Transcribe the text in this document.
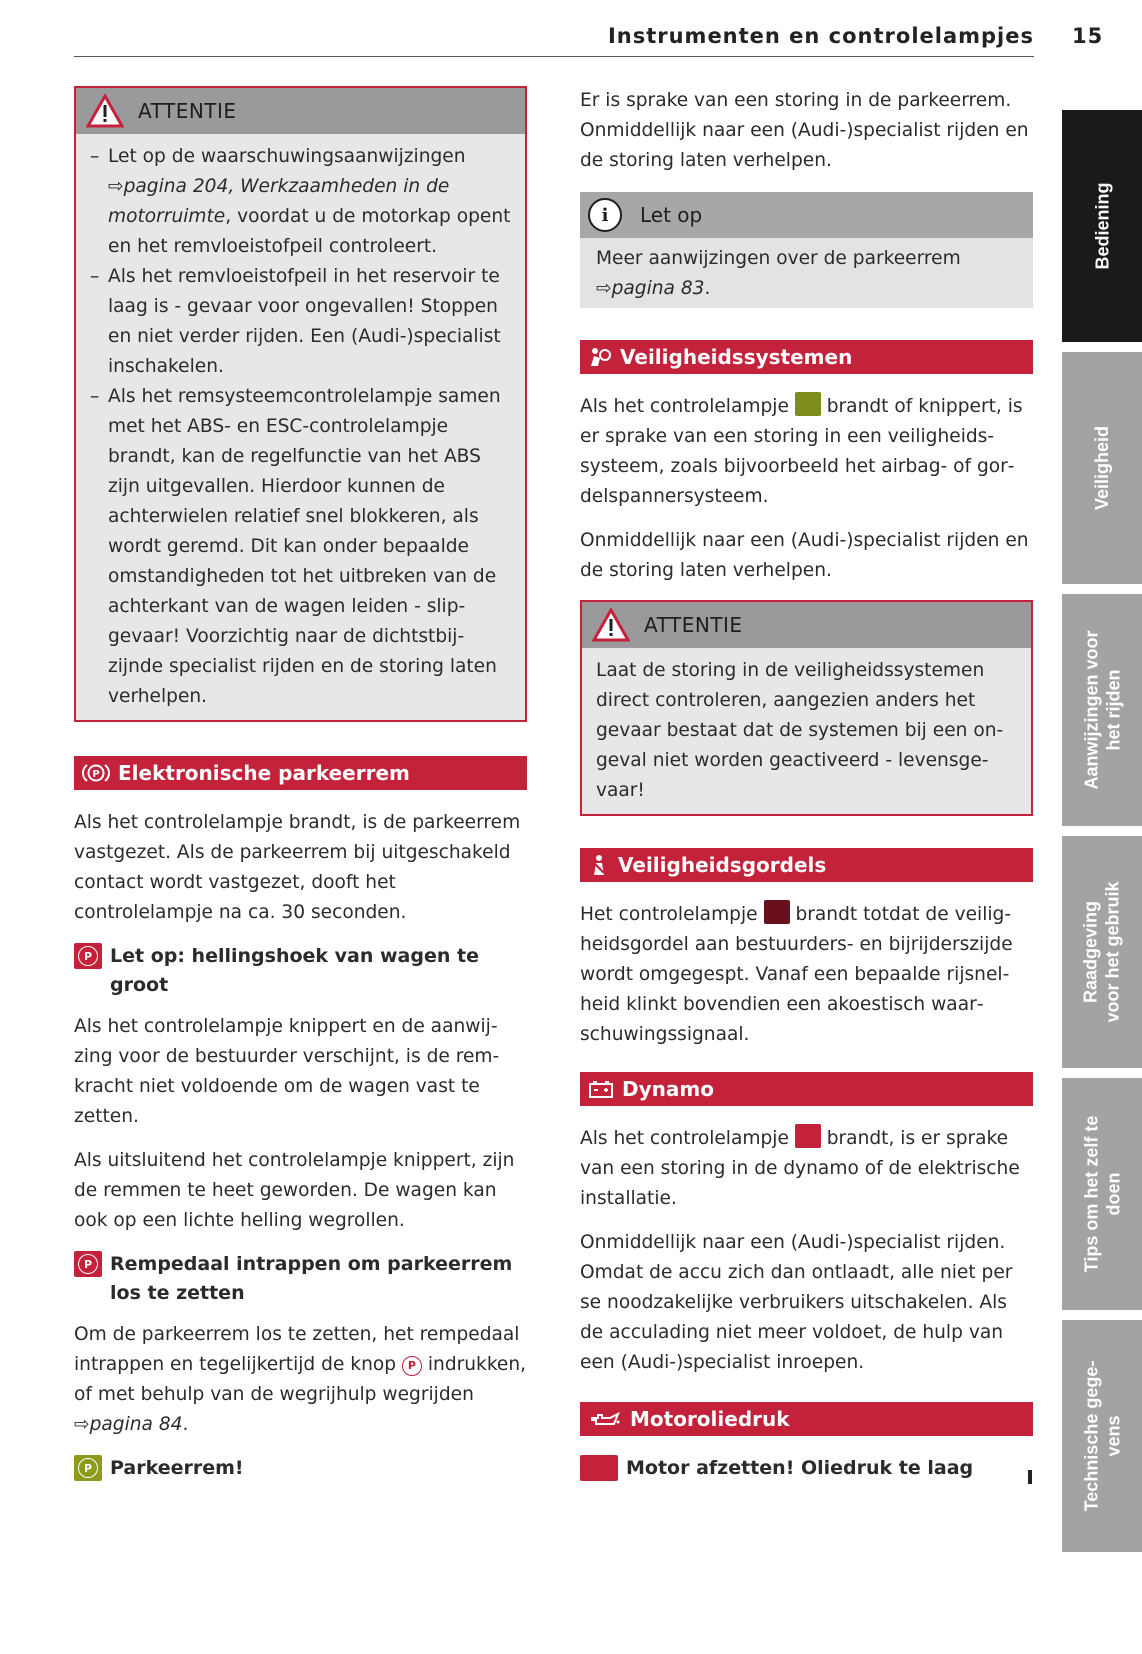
Instrumenten en controlelampjes 15
ATTENTIE
– Let op de waarschuwingsaanwijzingen ⇨pagina 204, Werkzaamheden in de motorruimte, voordat u de motorkap opent en het remvloeistofpeil controleert.
– Als het remvloeistofpeil in het reservoir te laag is - gevaar voor ongevallen! Stoppen en niet verder rijden. Een (Audi-)specialist inschakelen.
– Als het remsysteemcontrolelampje samen met het ABS- en ESC-controlelampje brandt, kan de regelfunctie van het ABS zijn uitgevallen. Hierdoor kunnen de achterwielen relatief snel blokkeren, als wordt geremd. Dit kan onder bepaalde omstandigheden tot het uitbreken van de achterkant van de wagen leiden - slipgevaar! Voorzichtig naar de dichtstbijzijnde specialist rijden en de storing laten verhelpen.
P Elektronische parkeerrem

Als het controlelampje brandt, is de parkeerrem vastgezet. Als de parkeerrem bij uitgeschakeld contact wordt vastgezet, dooft het controlelampje na ca. 30 seconden.

P Let op: hellingshoek van wagen te groot

Als het controlelampje knippert en de aanwijzing voor de bestuurder verschijnt, is de remkracht niet voldoende om de wagen vast te zetten.

Als uitsluitend het controlelampje knippert, zijn de remmen te heet geworden. De wagen kan ook op een lichte helling wegrollen.

P Rempedaal intrappen om parkeerrem los te zetten

Om de parkeerrem los te zetten, het rempedaal intrappen en tegelijkertijd de knop P indrukken, of met behulp van de wegrijhulp wegrijden ⇨pagina 84.

P Parkeerrem!

Er is sprake van een storing in de parkeerrem. Onmiddellijk naar een (Audi-)specialist rijden en de storing laten verhelpen.

i	Let op
Meer aanwijzingen over de parkeerrem
⇨pagina 83.
Veiligheidssystemen

Als het controlelampje brandt of knippert, is er sprake van een storing in een veiligheidssysteem, zoals bijvoorbeeld het airbag- of gordelspannersysteem.

Onmiddellijk naar een (Audi-)specialist rijden en de storing laten verhelpen.

ATTENTIE
Laat de storing in de veiligheidssystemen direct controleren, aangezien anders het gevaar bestaat dat de systemen bij een ongeval niet worden geactiveerd - levensgevaar!
Veiligheidsgordels

Het controlelampje brandt totdat de veiligheidsgordel aan bestuurders- en bijrijderszijde wordt omgegespt. Vanaf een bepaalde rijsnelheid klinkt bovendien een akoestisch waarschuwingssignaal.

Dynamo

Als het controlelampje brandt, is er sprake van een storing in de dynamo of de elektrische installatie.

Onmiddellijk naar een (Audi-)specialist rijden. Omdat de accu zich dan ontlaadt, alle niet per se noodzakelijke verbruikers uitschakelen. Als de acculading niet meer voldoet, de hulp van een (Audi-)specialist inroepen.

Motoroliedruk
Motor afzetten! Oliedruk te laag
Bediening
Veiligheid
Aanwijzingen voor het rijden
Raadgeving voor het gebruik
Tips om het zelf te doen
Technische gege- vens
